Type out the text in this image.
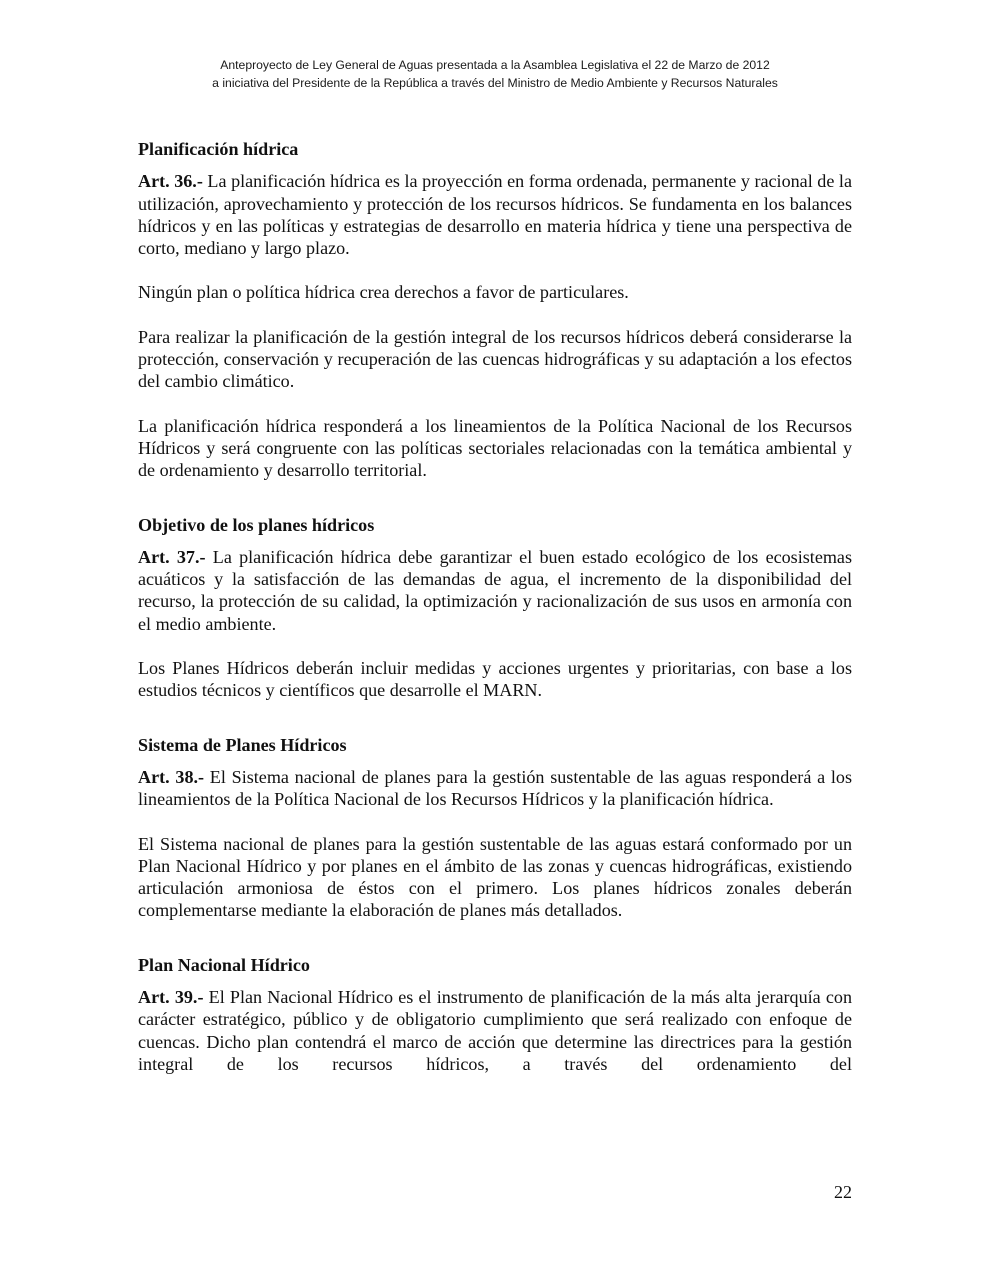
Anteproyecto de Ley General de Aguas presentada a la Asamblea Legislativa el 22 de Marzo de 2012
a iniciativa del Presidente de la República a través del Ministro de Medio Ambiente y Recursos Naturales
Planificación hídrica

Art. 36.- La planificación hídrica es la proyección en forma ordenada, permanente y racional de la utilización, aprovechamiento y protección de los recursos hídricos. Se fundamenta en los balances hídricos y en las políticas y estrategias de desarrollo en materia hídrica y tiene una perspectiva de corto, mediano y largo plazo.

Ningún plan o política hídrica crea derechos a favor de particulares.

Para realizar la planificación de la gestión integral de los recursos hídricos deberá considerarse la protección, conservación y recuperación de las cuencas hidrográficas y su adaptación a los efectos del cambio climático.

La planificación hídrica responderá a los lineamientos de la Política Nacional de los Recursos Hídricos y será congruente con las políticas sectoriales relacionadas con la temática ambiental y de ordenamiento y desarrollo territorial.

Objetivo de los planes hídricos

Art. 37.- La planificación hídrica debe garantizar el buen estado ecológico de los ecosistemas acuáticos y la satisfacción de las demandas de agua, el incremento de la disponibilidad del recurso, la protección de su calidad, la optimización y racionalización de sus usos en armonía con el medio ambiente.

Los Planes Hídricos deberán incluir medidas y acciones urgentes y prioritarias, con base a los estudios técnicos y científicos que desarrolle el MARN.

Sistema de Planes Hídricos

Art. 38.- El Sistema nacional de planes para la gestión sustentable de las aguas responderá a los lineamientos de la Política Nacional de los Recursos Hídricos y la planificación hídrica.

El Sistema nacional de planes para la gestión sustentable de las aguas estará conformado por un Plan Nacional Hídrico y por planes en el ámbito de las zonas y cuencas hidrográficas, existiendo articulación armoniosa de éstos con el primero. Los planes hídricos zonales deberán complementarse mediante la elaboración de planes más detallados.

Plan Nacional Hídrico

Art. 39.- El Plan Nacional Hídrico es el instrumento de planificación de la más alta jerarquía con carácter estratégico, público y de obligatorio cumplimiento que será realizado con enfoque de cuencas. Dicho plan contendrá el marco de acción que determine las directrices para la gestión integral de los recursos hídricos, a través del ordenamiento del

22
